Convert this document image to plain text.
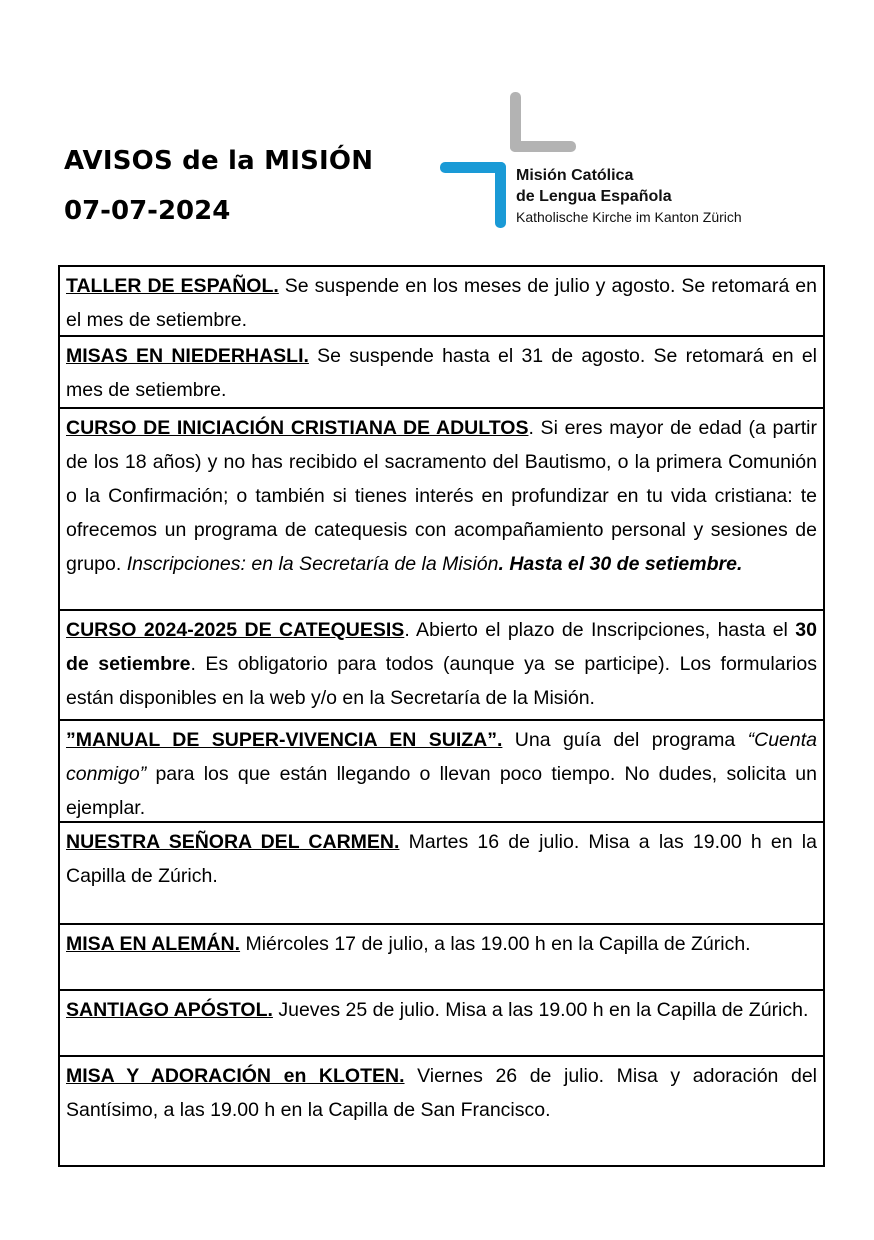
AVISOS de la MISIÓN
07-07-2024
Misión Católica
de Lengua Española
Katholische Kirche im Kanton Zürich
TALLER DE ESPAÑOL. Se suspende en los meses de julio y agosto. Se retomará en el mes de setiembre.
MISAS EN NIEDERHASLI. Se suspende hasta el 31 de agosto. Se retomará en el mes de setiembre.
CURSO DE INICIACIÓN CRISTIANA DE ADULTOS. Si eres mayor de edad (a partir de los 18 años) y no has recibido el sacramento del Bautismo, o la primera Comunión o la Confirmación; o también si tienes interés en profundizar en tu vida cristiana: te ofrecemos un programa de catequesis con acompañamiento personal y sesiones de grupo. Inscripciones: en la Secretaría de la Misión. Hasta el 30 de setiembre.
CURSO 2024-2025 DE CATEQUESIS. Abierto el plazo de Inscripciones, hasta el 30 de setiembre. Es obligatorio para todos (aunque ya se participe). Los formularios están disponibles en la web y/o en la Secretaría de la Misión.
”MANUAL DE SUPER-VIVENCIA EN SUIZA”. Una guía del programa “Cuenta conmigo” para los que están llegando o llevan poco tiempo. No dudes, solicita un ejemplar.
NUESTRA SEÑORA DEL CARMEN. Martes 16 de julio. Misa a las 19.00 h en la Capilla de Zúrich.
MISA EN ALEMÁN. Miércoles 17 de julio, a las 19.00 h en la Capilla de Zúrich.
SANTIAGO APÓSTOL. Jueves 25 de julio. Misa a las 19.00 h en la Capilla de Zúrich.
MISA Y ADORACIÓN en KLOTEN. Viernes 26 de julio. Misa y adoración del Santísimo, a las 19.00 h en la Capilla de San Francisco.
